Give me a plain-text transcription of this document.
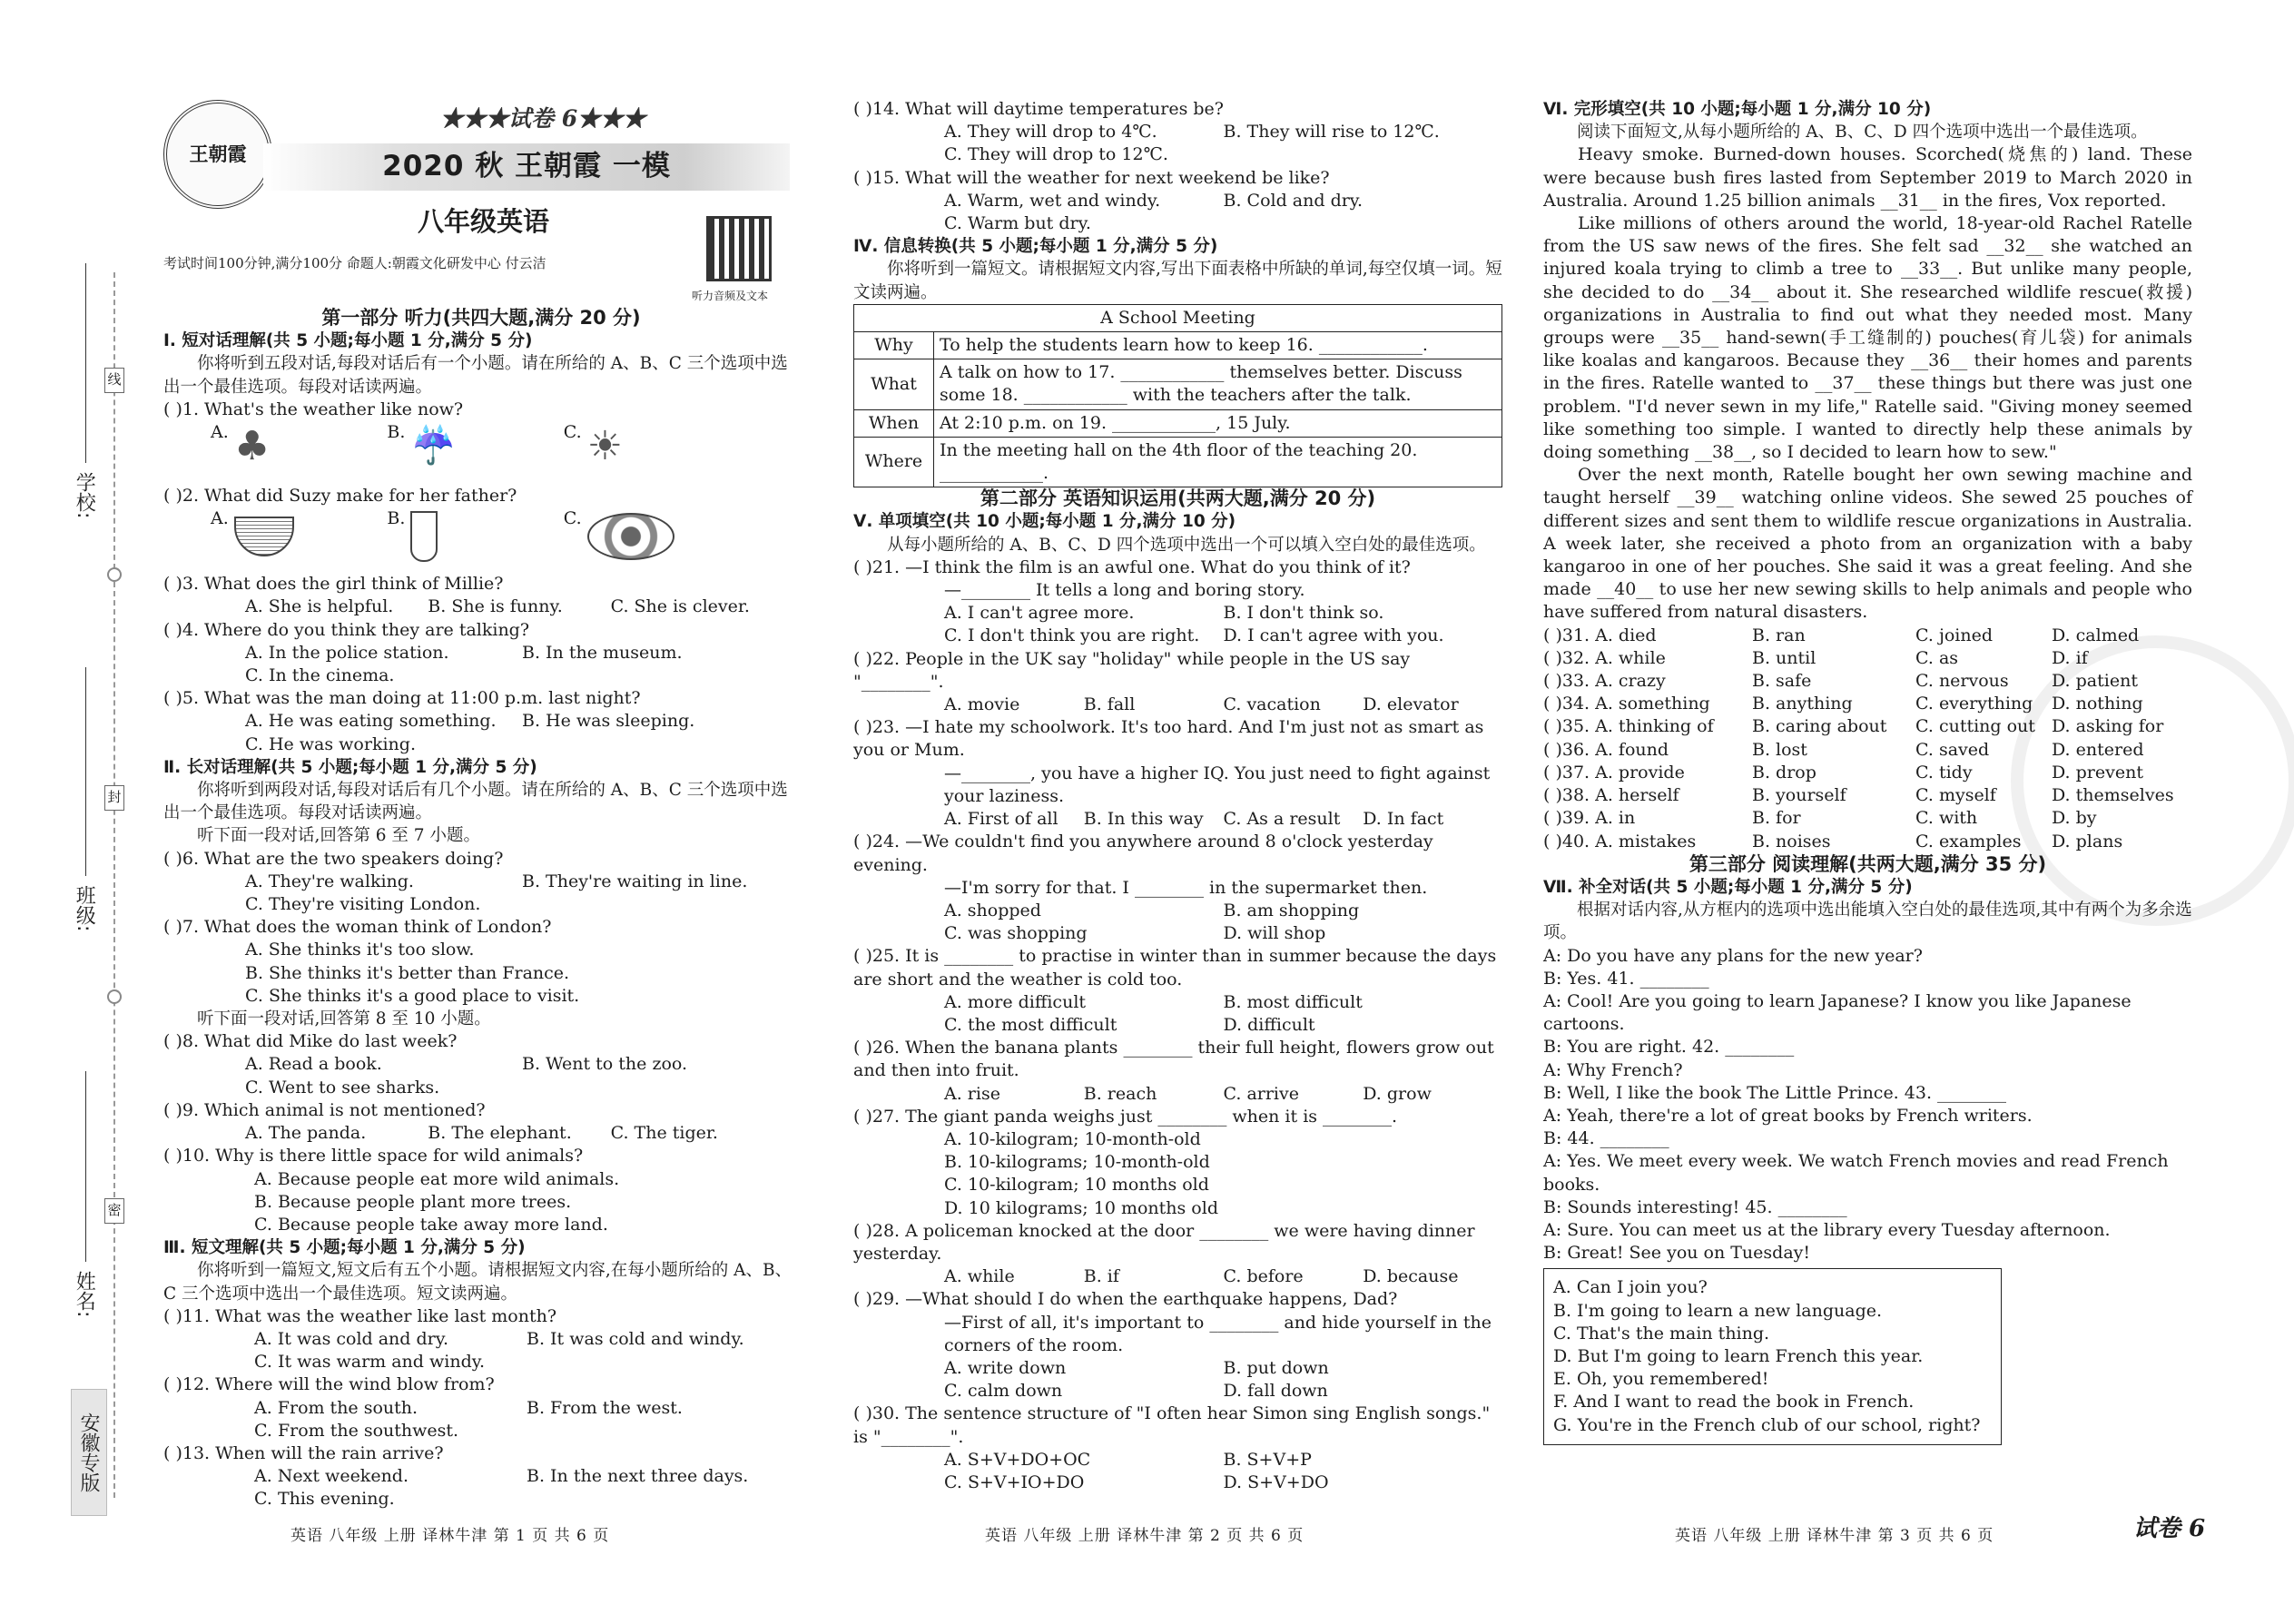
学校:
班级:
姓名:
线
封
密
安徽专版
王朝霞
★★★试卷 6★★★
2020 秋 王朝霞 一模
八年级英语
考试时间100分钟,满分100分 命题人:朝霞文化研发中心 付云洁
听力音频及文本
第一部分 听力(共四大题,满分 20 分)
Ⅰ. 短对话理解(共 5 小题;每小题 1 分,满分 5 分)
你将听到五段对话,每段对话后有一个小题。请在所给的 A、B、C 三个选项中选出一个最佳选项。每段对话读两遍。
( )1. What's the weather like now?
A. ♣	B. ☔	C. ☀
( )2. What did Suzy make for her father?
A.	B.	C.
( )3. What does the girl think of Millie?
A. She is helpful.	B. She is funny.	C. She is clever.
( )4. Where do you think they are talking?
A. In the police station.	B. In the museum.
C. In the cinema.
( )5. What was the man doing at 11:00 p.m. last night?
A. He was eating something.	B. He was sleeping.
C. He was working.
Ⅱ. 长对话理解(共 5 小题;每小题 1 分,满分 5 分)
你将听到两段对话,每段对话后有几个小题。请在所给的 A、B、C 三个选项中选出一个最佳选项。每段对话读两遍。
听下面一段对话,回答第 6 至 7 小题。
( )6. What are the two speakers doing?
A. They're walking.	B. They're waiting in line.
C. They're visiting London.
( )7. What does the woman think of London?
A. She thinks it's too slow.
B. She thinks it's better than France.
C. She thinks it's a good place to visit.
听下面一段对话,回答第 8 至 10 小题。
( )8. What did Mike do last week?
A. Read a book.	B. Went to the zoo.
C. Went to see sharks.
( )9. Which animal is not mentioned?
A. The panda.	B. The elephant.	C. The tiger.
( )10. Why is there little space for wild animals?
A. Because people eat more wild animals.
B. Because people plant more trees.
C. Because people take away more land.
Ⅲ. 短文理解(共 5 小题;每小题 1 分,满分 5 分)
你将听到一篇短文,短文后有五个小题。请根据短文内容,在每小题所给的 A、B、C 三个选项中选出一个最佳选项。短文读两遍。
( )11. What was the weather like last month?
A. It was cold and dry.	B. It was cold and windy.
C. It was warm and windy.
( )12. Where will the wind blow from?
A. From the south.	B. From the west.
C. From the southwest.
( )13. When will the rain arrive?
A. Next weekend.	B. In the next three days.
C. This evening.
英语 八年级 上册 译林牛津 第 1 页 共 6 页
( )14. What will daytime temperatures be?
A. They will drop to 4℃.	B. They will rise to 12℃.
C. They will drop to 12℃.
( )15. What will the weather for next weekend be like?
A. Warm, wet and windy.	B. Cold and dry.
C. Warm but dry.
Ⅳ. 信息转换(共 5 小题;每小题 1 分,满分 5 分)
你将听到一篇短文。请根据短文内容,写出下面表格中所缺的单词,每空仅填一词。短文读两遍。
A School Meeting	
Why	To help the students learn how to keep 16. ____________.
What	A talk on how to 17. ____________ themselves better. Discuss some 18. ____________ with the teachers after the talk.
When	At 2:10 p.m. on 19. ____________, 15 July.
Where	In the meeting hall on the 4th floor of the teaching 20. ____________.
第二部分 英语知识运用(共两大题,满分 20 分)
Ⅴ. 单项填空(共 10 小题;每小题 1 分,满分 10 分)
从每小题所给的 A、B、C、D 四个选项中选出一个可以填入空白处的最佳选项。
( )21. —I think the film is an awful one. What do you think of it?
—________ It tells a long and boring story.
A. I can't agree more.	B. I don't think so.
C. I don't think you are right.	D. I can't agree with you.
( )22. People in the UK say "holiday" while people in the US say "________".
A. movie	B. fall	C. vacation	D. elevator
( )23. —I hate my schoolwork. It's too hard. And I'm just not as smart as you or Mum.
—________, you have a higher IQ. You just need to fight against your laziness.
A. First of all	B. In this way	C. As a result	D. In fact
( )24. —We couldn't find you anywhere around 8 o'clock yesterday evening.
—I'm sorry for that. I ________ in the supermarket then.
A. shopped	B. am shopping
C. was shopping	D. will shop
( )25. It is ________ to practise in winter than in summer because the days are short and the weather is cold too.
A. more difficult	B. most difficult
C. the most difficult	D. difficult
( )26. When the banana plants ________ their full height, flowers grow out and then into fruit.
A. rise	B. reach	C. arrive	D. grow
( )27. The giant panda weighs just ________ when it is ________.
A. 10-kilogram; 10-month-old
B. 10-kilograms; 10-month-old
C. 10-kilogram; 10 months old
D. 10 kilograms; 10 months old
( )28. A policeman knocked at the door ________ we were having dinner yesterday.
A. while	B. if	C. before	D. because
( )29. —What should I do when the earthquake happens, Dad?
—First of all, it's important to ________ and hide yourself in the corners of the room.
A. write down	B. put down
C. calm down	D. fall down
( )30. The sentence structure of "I often hear Simon sing English songs." is "________".
A. S+V+DO+OC	B. S+V+P
C. S+V+IO+DO	D. S+V+DO
英语 八年级 上册 译林牛津 第 2 页 共 6 页
Ⅵ. 完形填空(共 10 小题;每小题 1 分,满分 10 分)
阅读下面短文,从每小题所给的 A、B、C、D 四个选项中选出一个最佳选项。
Heavy smoke. Burned-down houses. Scorched(烧焦的) land. These were because bush fires lasted from September 2019 to March 2020 in Australia. Around 1.25 billion animals __31__ in the fires, Vox reported.
Like millions of others around the world, 18-year-old Rachel Ratelle from the US saw news of the fires. She felt sad __32__ she watched an injured koala trying to climb a tree to __33__. But unlike many people, she decided to do __34__ about it. She researched wildlife rescue(救援) organizations in Australia to find out what they needed most. Many groups were __35__ hand-sewn(手工缝制的) pouches(育儿袋) for animals like koalas and kangaroos. Because they __36__ their homes and parents in the fires. Ratelle wanted to __37__ these things but there was just one problem. "I'd never sewn in my life," Ratelle said. "Giving money seemed like something too simple. I wanted to directly help these animals by doing something __38__, so I decided to learn how to sew."
Over the next month, Ratelle bought her own sewing machine and taught herself __39__ watching online videos. She sewed 25 pouches of different sizes and sent them to wildlife rescue organizations in Australia. A week later, she received a photo from an organization with a baby kangaroo in one of her pouches. She said it was a great feeling. And she made __40__ to use her new sewing skills to help animals and people who have suffered from natural disasters.
( )31. A. died	B. ran	C. joined	D. calmed
( )32. A. while	B. until	C. as	D. if
( )33. A. crazy	B. safe	C. nervous	D. patient
( )34. A. something	B. anything	C. everything	D. nothing
( )35. A. thinking of	B. caring about	C. cutting out D. asking for
( )36. A. found	B. lost	C. saved	D. entered
( )37. A. provide	B. drop	C. tidy	D. prevent
( )38. A. herself	B. yourself	C. myself	D. themselves
( )39. A. in	B. for	C. with	D. by
( )40. A. mistakes	B. noises	C. examples	D. plans
第三部分 阅读理解(共两大题,满分 35 分)
Ⅶ. 补全对话(共 5 小题;每小题 1 分,满分 5 分)
根据对话内容,从方框内的选项中选出能填入空白处的最佳选项,其中有两个为多余选项。
A: Do you have any plans for the new year?
B: Yes. 41. ________
A: Cool! Are you going to learn Japanese? I know you like Japanese cartoons.
B: You are right. 42. ________
A: Why French?
B: Well, I like the book The Little Prince. 43. ________
A: Yeah, there're a lot of great books by French writers.
B: 44. ________
A: Yes. We meet every week. We watch French movies and read French books.
B: Sounds interesting! 45. ________
A: Sure. You can meet us at the library every Tuesday afternoon.
B: Great! See you on Tuesday!
A. Can I join you?
B. I'm going to learn a new language.
C. That's the main thing.
D. But I'm going to learn French this year.
E. Oh, you remembered!
F. And I want to read the book in French.
G. You're in the French club of our school, right?
英语 八年级 上册 译林牛津 第 3 页 共 6 页	试卷 6
